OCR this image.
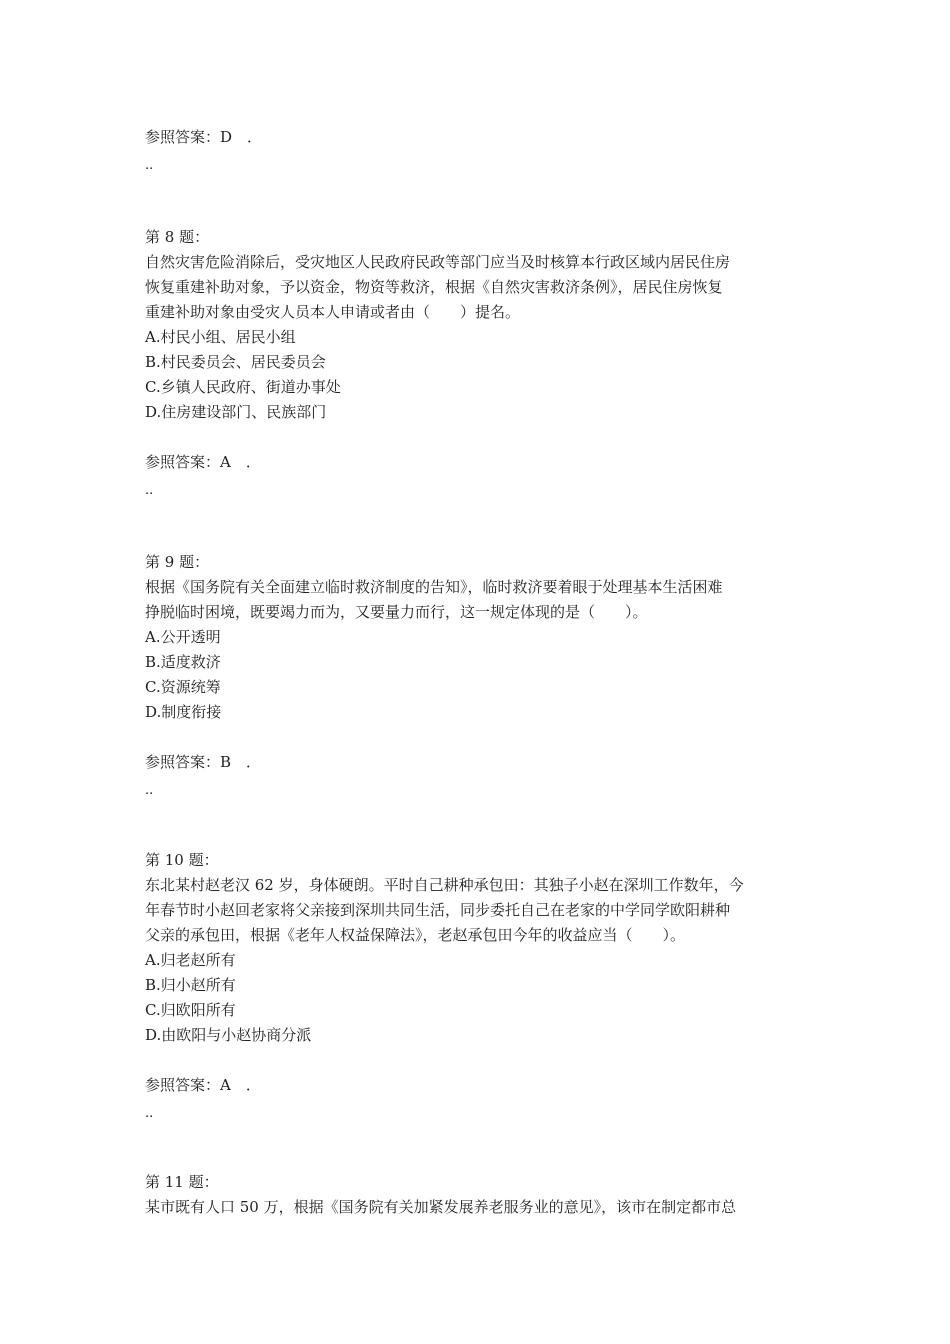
参照答案：D　．
..
第 8 题：
自然灾害危险消除后，受灾地区人民政府民政等部门应当及时核算本行政区域内居民住房
恢复重建补助对象，予以资金，物资等救济，根据《自然灾害救济条例》，居民住房恢复
重建补助对象由受灾人员本人申请或者由（　　）提名。
A.村民小组、居民小组
B.村民委员会、居民委员会
C.乡镇人民政府、街道办事处
D.住房建设部门、民族部门
参照答案：A　．
..
第 9 题：
根据《国务院有关全面建立临时救济制度的告知》，临时救济要着眼于处理基本生活困难
挣脱临时困境，既要竭力而为，又要量力而行，这一规定体现的是（　　）。
A.公开透明
B.适度救济
C.资源统筹
D.制度衔接
参照答案：B　．
..
第 10 题：
东北某村赵老汉 62 岁，身体硬朗。平时自己耕种承包田：其独子小赵在深圳工作数年，今
年春节时小赵回老家将父亲接到深圳共同生活，同步委托自己在老家的中学同学欧阳耕种
父亲的承包田，根据《老年人权益保障法》，老赵承包田今年的收益应当（　　）。
A.归老赵所有
B.归小赵所有
C.归欧阳所有
D.由欧阳与小赵协商分派
参照答案：A　．
..
第 11 题：
某市既有人口 50 万，根据《国务院有关加紧发展养老服务业的意见》，该市在制定都市总
